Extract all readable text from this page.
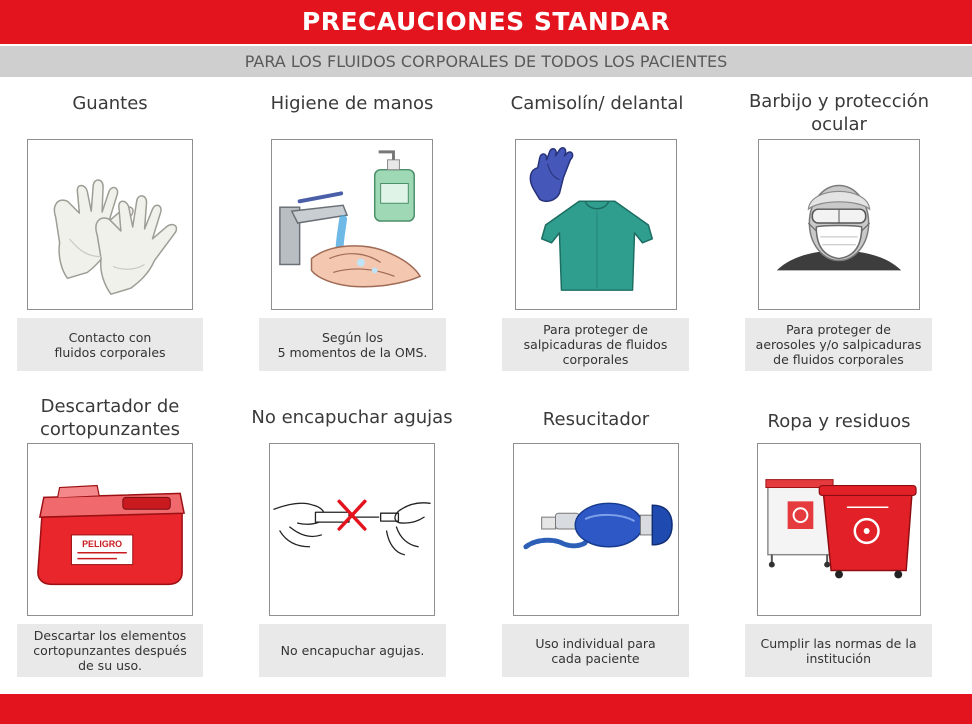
PRECAUCIONES STANDAR
PARA LOS FLUIDOS CORPORALES DE TODOS LOS PACIENTES
Guantes
Contacto con
fluidos corporales
Higiene de manos
Según los
5 momentos de la OMS.
Camisolín/ delantal
Para proteger de
salpicaduras de fluidos
corporales
Barbijo y protección
ocular
Para proteger de
aerosoles y/o salpicaduras
de fluidos corporales
Descartador de
cortopunzantes
PELIGRO
Descartar los elementos
cortopunzantes después
de su uso.
No encapuchar agujas
No encapuchar agujas.
Resucitador
Uso individual para
cada paciente
Ropa y residuos
Cumplir las normas de la
institución
